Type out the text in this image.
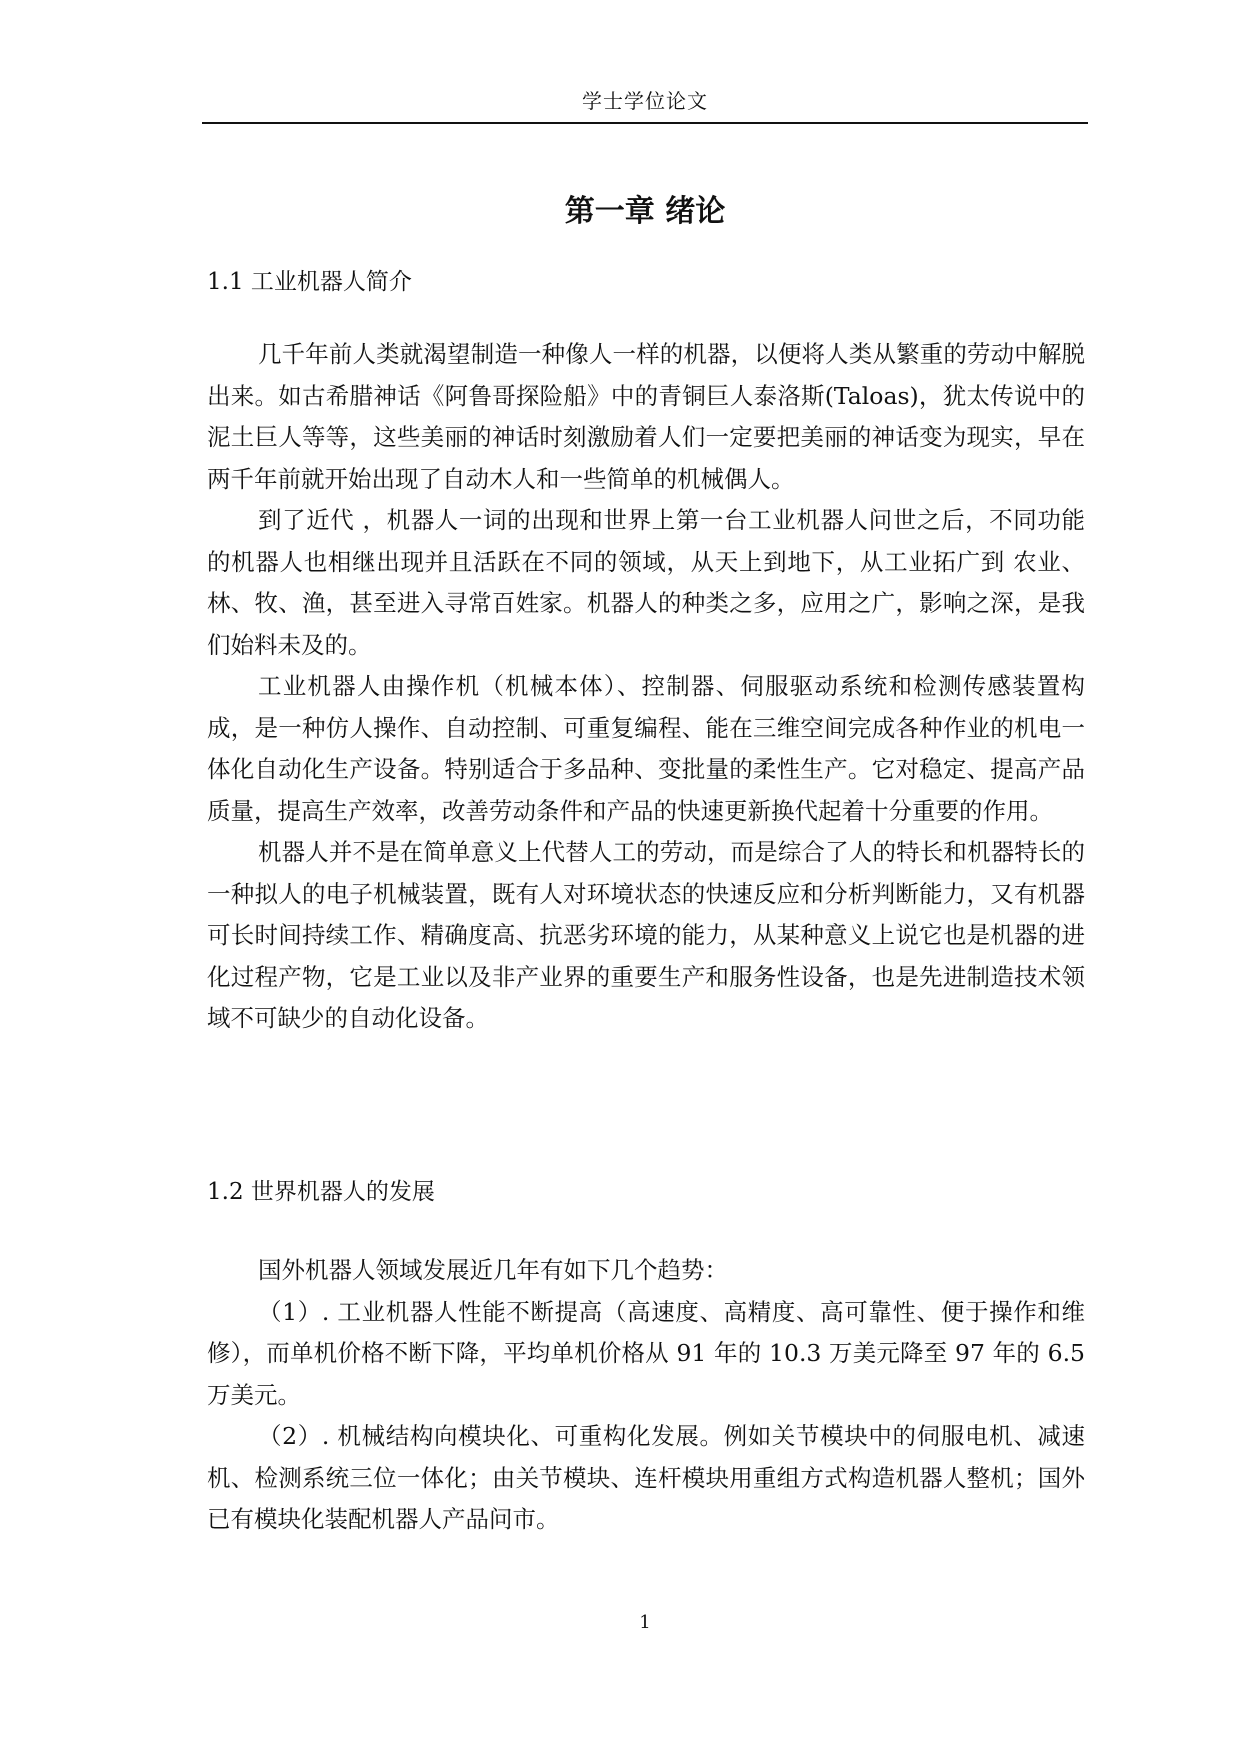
学士学位论文
第一章 绪论
1.1 工业机器人简介

几千年前人类就渴望制造一种像人一样的机器，以便将人类从繁重的劳动中解脱出来。如古希腊神话《阿鲁哥探险船》中的青铜巨人泰洛斯(Taloas)，犹太传说中的泥土巨人等等，这些美丽的神话时刻激励着人们一定要把美丽的神话变为现实，早在两千年前就开始出现了自动木人和一些简单的机械偶人。

到了近代 ，机器人一词的出现和世界上第一台工业机器人问世之后，不同功能的机器人也相继出现并且活跃在不同的领域，从天上到地下，从工业拓广到 农业、林、牧、渔，甚至进入寻常百姓家。机器人的种类之多，应用之广，影响之深，是我们始料未及的。

工业机器人由操作机（机械本体）、控制器、伺服驱动系统和检测传感装置构成，是一种仿人操作、自动控制、可重复编程、能在三维空间完成各种作业的机电一体化自动化生产设备。特别适合于多品种、变批量的柔性生产。它对稳定、提高产品质量，提高生产效率，改善劳动条件和产品的快速更新换代起着十分重要的作用。

机器人并不是在简单意义上代替人工的劳动，而是综合了人的特长和机器特长的一种拟人的电子机械装置，既有人对环境状态的快速反应和分析判断能力，又有机器可长时间持续工作、精确度高、抗恶劣环境的能力，从某种意义上说它也是机器的进化过程产物，它是工业以及非产业界的重要生产和服务性设备，也是先进制造技术领域不可缺少的自动化设备。

1.2 世界机器人的发展

国外机器人领域发展近几年有如下几个趋势：

（1）. 工业机器人性能不断提高（高速度、高精度、高可靠性、便于操作和维修），而单机价格不断下降，平均单机价格从 91 年的 10.3 万美元降至 97 年的 6.5 万美元。

（2）. 机械结构向模块化、可重构化发展。例如关节模块中的伺服电机、减速机、检测系统三位一体化；由关节模块、连杆模块用重组方式构造机器人整机；国外已有模块化装配机器人产品问市。

1
